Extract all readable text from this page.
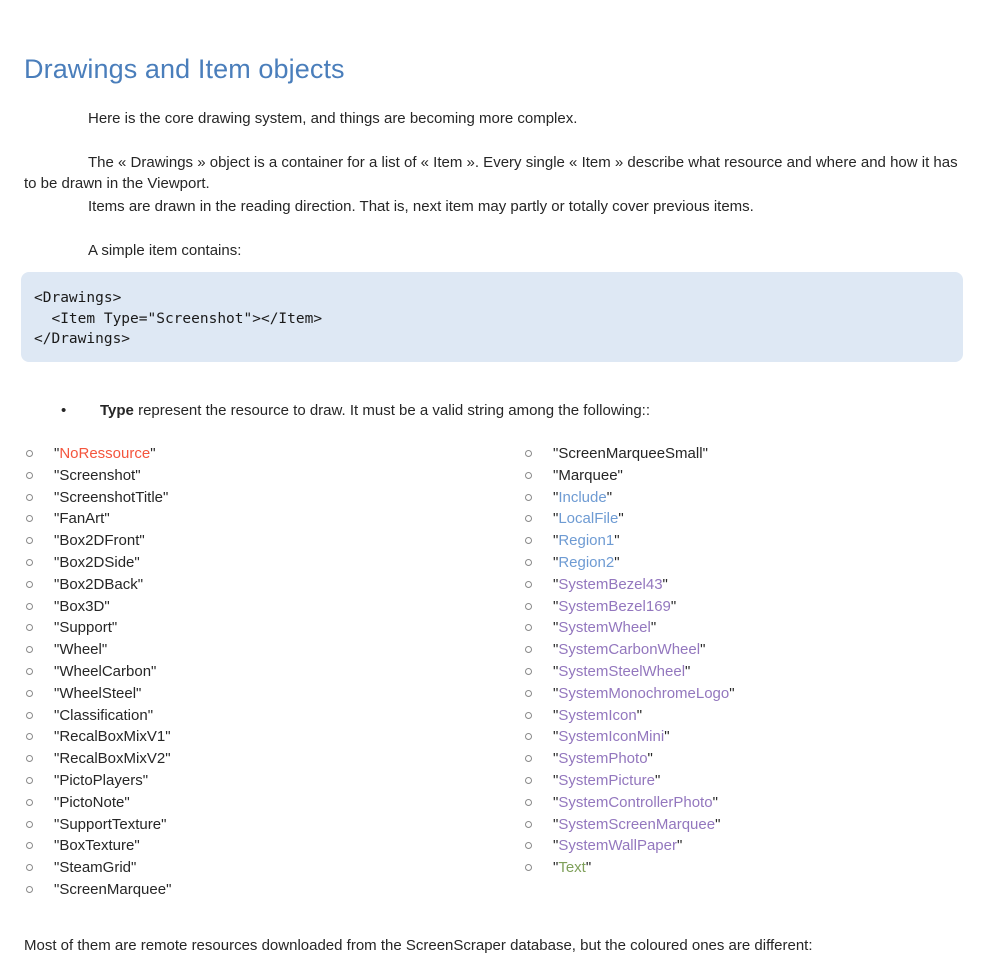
Drawings and Item objects

Here is the core drawing system, and things are becoming more complex.

The « Drawings » object is a container for a list of « Item ». Every single « Item » describe what resource and where and how it has to be drawn in the Viewport.

Items are drawn in the reading direction. That is, next item may partly or totally cover previous items.

A simple item contains:

<Drawings>
<Item Type="Screenshot"></Item>
</Drawings>
• Type represent the resource to draw. It must be a valid string among the following::
"NoRessource"
"Screenshot"
"ScreenshotTitle"
"FanArt"
"Box2DFront"
"Box2DSide"
"Box2DBack"
"Box3D"
"Support"
"Wheel"
"WheelCarbon"
"WheelSteel"
"Classification"
"RecalBoxMixV1"
"RecalBoxMixV2"
"PictoPlayers"
"PictoNote"
"SupportTexture"
"BoxTexture"
"SteamGrid"
"ScreenMarquee"
"ScreenMarqueeSmall"
"Marquee"
"Include"
"LocalFile"
"Region1"
"Region2"
"SystemBezel43"
"SystemBezel169"
"SystemWheel"
"SystemCarbonWheel"
"SystemSteelWheel"
"SystemMonochromeLogo"
"SystemIcon"
"SystemIconMini"
"SystemPhoto"
"SystemPicture"
"SystemControllerPhoto"
"SystemScreenMarquee"
"SystemWallPaper"
"Text"

Most of them are remote resources downloaded from the ScreenScraper database, but the coloured ones are different:
